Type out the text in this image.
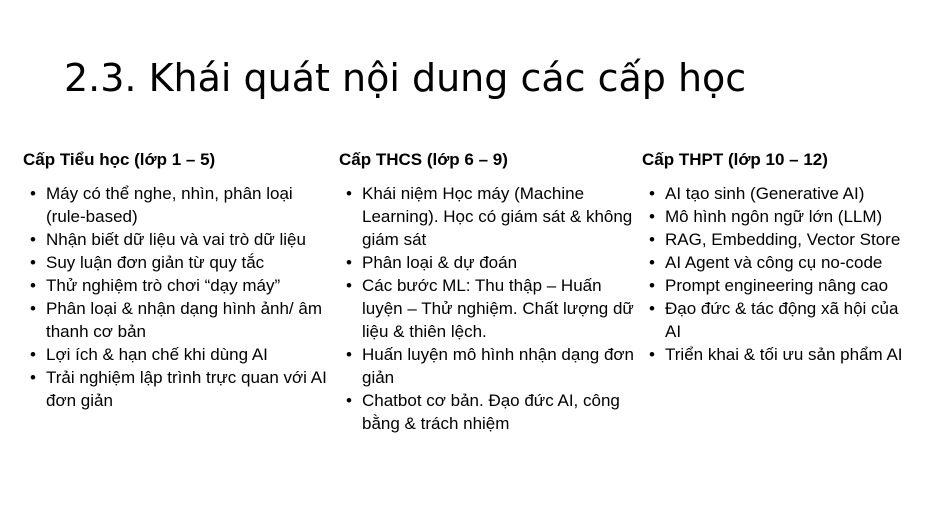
2.3. Khái quát nội dung các cấp học
Cấp Tiểu học (lớp 1 – 5)
• Máy có thể nghe, nhìn, phân loại (rule-based)
• Nhận biết dữ liệu và vai trò dữ liệu
• Suy luận đơn giản từ quy tắc
• Thử nghiệm trò chơi “dạy máy”
• Phân loại & nhận dạng hình ảnh/ âm thanh cơ bản
• Lợi ích & hạn chế khi dùng AI
• Trải nghiệm lập trình trực quan với AI đơn giản
Cấp THCS (lớp 6 – 9)
• Khái niệm Học máy (Machine Learning). Học có giám sát & không giám sát
• Phân loại & dự đoán
• Các bước ML: Thu thập – Huấn luyện – Thử nghiệm. Chất lượng dữ liệu & thiên lệch.
• Huấn luyện mô hình nhận dạng đơn giản
• Chatbot cơ bản. Đạo đức AI, công bằng & trách nhiệm
Cấp THPT (lớp 10 – 12)
• AI tạo sinh (Generative AI)
• Mô hình ngôn ngữ lớn (LLM)
• RAG, Embedding, Vector Store
• AI Agent và công cụ no-code
• Prompt engineering nâng cao
• Đạo đức & tác động xã hội của AI
• Triển khai & tối ưu sản phẩm AI
